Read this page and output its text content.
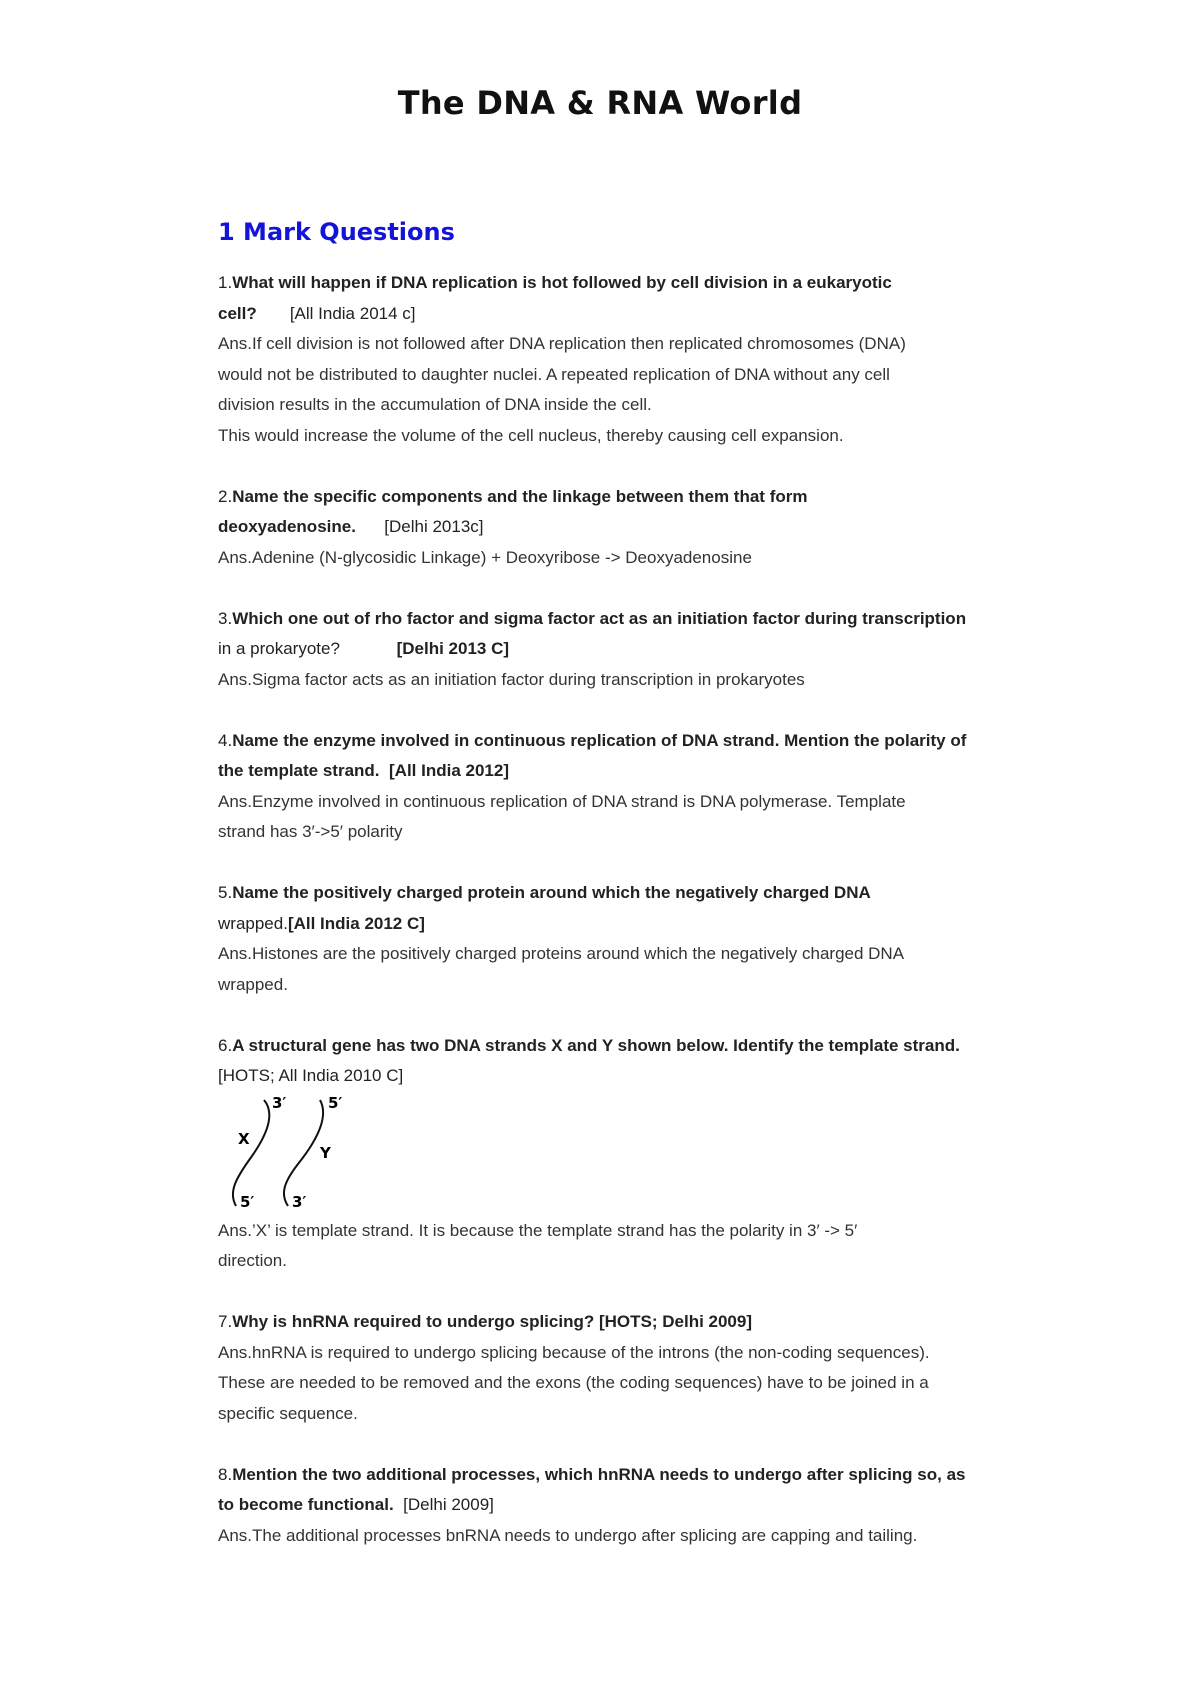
The DNA & RNA World
1 Mark Questions

1.What will happen if DNA replication is hot followed by cell division in a eukaryotic
cell? [All India 2014 c]

Ans.If cell division is not followed after DNA replication then replicated chromosomes (DNA)
would not be distributed to daughter nuclei. A repeated replication of DNA without any cell
division results in the accumulation of DNA inside the cell.
This would increase the volume of the cell nucleus, thereby causing cell expansion.

2.Name the specific components and the linkage between them that form
deoxyadenosine. [Delhi 2013c]

Ans.Adenine (N-glycosidic Linkage) + Deoxyribose -> Deoxyadenosine

3.Which one out of rho factor and sigma factor act as an initiation factor during transcription
in a prokaryote?	[Delhi 2013 C]

Ans.Sigma factor acts as an initiation factor during transcription in prokaryotes

4.Name the enzyme involved in continuous replication of DNA strand. Mention the polarity of
the template strand. [All India 2012]

Ans.Enzyme involved in continuous replication of DNA strand is DNA polymerase. Template
strand has 3′->5′ polarity

5.Name the positively charged protein around which the negatively charged DNA
wrapped.[All India 2012 C]

Ans.Histones are the positively charged proteins around which the negatively charged DNA
wrapped.

6.A structural gene has two DNA strands X and Y shown below. Identify the template strand.
[HOTS; All India 2010 C]

3′	5′
X
Y
5′	3′

Ans.’X’ is template strand. It is because the template strand has the polarity in 3′ -> 5′
direction.

7.Why is hnRNA required to undergo splicing? [HOTS; Delhi 2009]

Ans.hnRNA is required to undergo splicing because of the introns (the non-coding sequences).
These are needed to be removed and the exons (the coding sequences) have to be joined in a
specific sequence.

8.Mention the two additional processes, which hnRNA needs to undergo after splicing so, as
to become functional. [Delhi 2009]

Ans.The additional processes bnRNA needs to undergo after splicing are capping and tailing.
